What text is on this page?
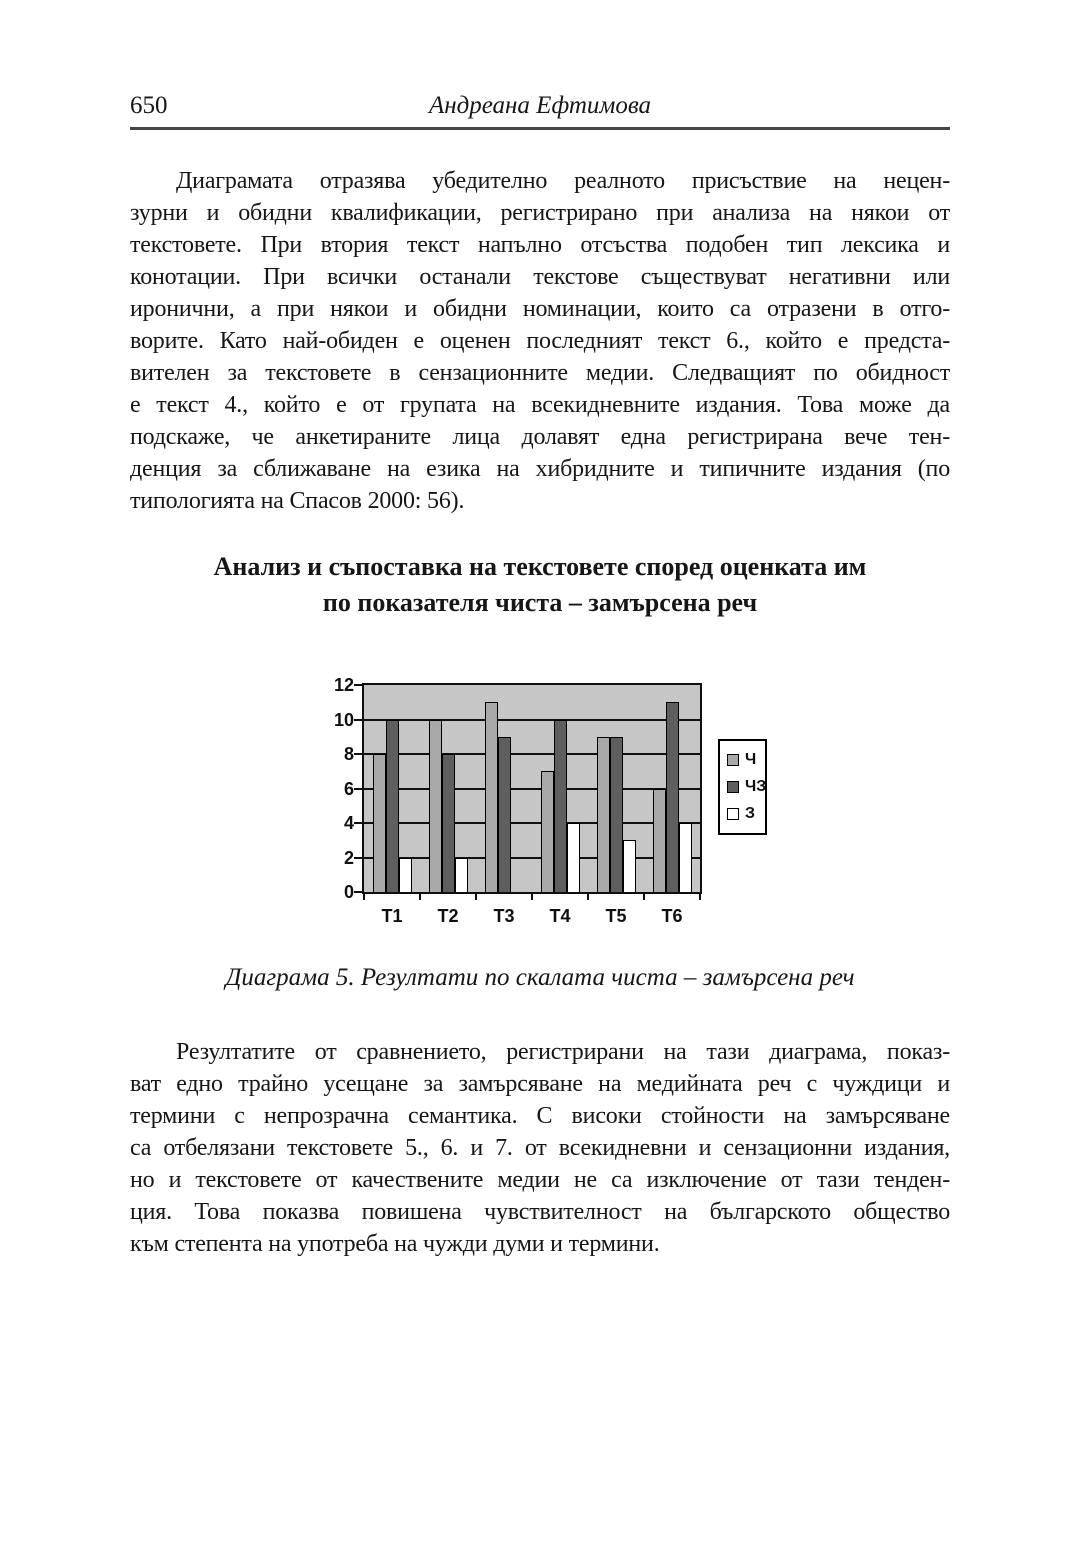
650	Андреана Ефтимова
Диаграмата отразява убедително реалното присъствие на нецен-
зурни и обидни квалификации, регистрирано при анализа на някои от
текстовете. При втория текст напълно отсъства подобен тип лексика и
конотации. При всички останали текстове съществуват негативни или
иронични, а при някои и обидни номинации, които са отразени в отго-
ворите. Като най-обиден е оценен последният текст 6., който е предста-
вителен за текстовете в сензационните медии. Следващият по обидност
е текст 4., който е от групата на всекидневните издания. Това може да
подскаже, че анкетираните лица долавят една регистрирана вече тен-
денция за сближаване на езика на хибридните и типичните издания (по
типологията на Спасов 2000: 56).
Анализ и съпоставка на текстовете според оценката им
по показателя чиста – замърсена реч
0
2
4
6
8
10
12
Т1	Т2	Т3	Т4	Т5	Т6
Ч
ЧЗ
З
Диаграма 5. Резултати по скалата чиста – замърсена реч
Резултатите от сравнението, регистрирани на тази диаграма, показ-
ват едно трайно усещане за замърсяване на медийната реч с чуждици и
термини с непрозрачна семантика. С високи стойности на замърсяване
са отбелязани текстовете 5., 6. и 7. от всекидневни и сензационни издания,
но и текстовете от качествените медии не са изключение от тази тенден-
ция. Това показва повишена чувствителност на българското общество
към степента на употреба на чужди думи и термини.
